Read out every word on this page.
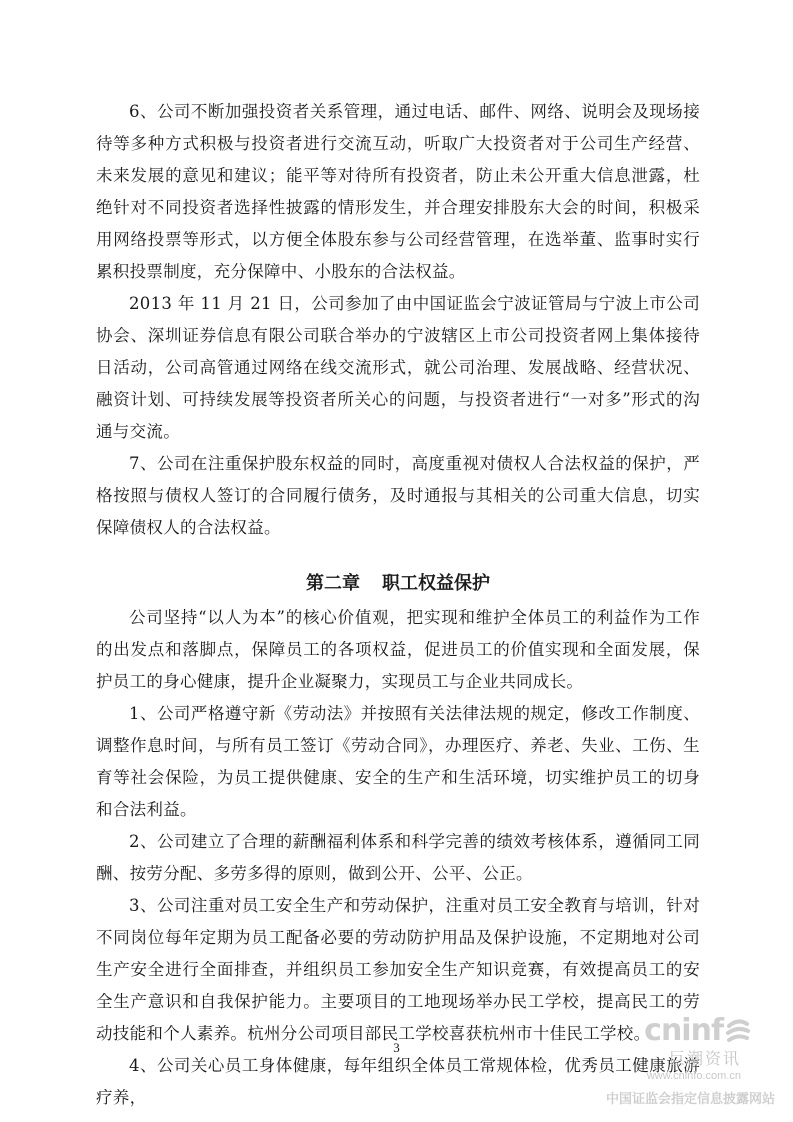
6、公司不断加强投资者关系管理，通过电话、邮件、网络、说明会及现场接待等多种方式积极与投资者进行交流互动，听取广大投资者对于公司生产经营、未来发展的意见和建议；能平等对待所有投资者，防止未公开重大信息泄露，杜绝针对不同投资者选择性披露的情形发生，并合理安排股东大会的时间，积极采用网络投票等形式，以方便全体股东参与公司经营管理，在选举董、监事时实行累积投票制度，充分保障中、小股东的合法权益。

2013 年 11 月 21 日，公司参加了由中国证监会宁波证管局与宁波上市公司协会、深圳证券信息有限公司联合举办的宁波辖区上市公司投资者网上集体接待日活动，公司高管通过网络在线交流形式，就公司治理、发展战略、经营状况、融资计划、可持续发展等投资者所关心的问题，与投资者进行“一对多”形式的沟通与交流。

7、公司在注重保护股东权益的同时，高度重视对债权人合法权益的保护，严格按照与债权人签订的合同履行债务，及时通报与其相关的公司重大信息，切实保障债权人的合法权益。

第二章 职工权益保护

公司坚持“以人为本”的核心价值观，把实现和维护全体员工的利益作为工作的出发点和落脚点，保障员工的各项权益，促进员工的价值实现和全面发展，保护员工的身心健康，提升企业凝聚力，实现员工与企业共同成长。

1、公司严格遵守新《劳动法》并按照有关法律法规的规定，修改工作制度、调整作息时间，与所有员工签订《劳动合同》，办理医疗、养老、失业、工伤、生育等社会保险，为员工提供健康、安全的生产和生活环境，切实维护员工的切身和合法利益。

2、公司建立了合理的薪酬福利体系和科学完善的绩效考核体系，遵循同工同酬、按劳分配、多劳多得的原则，做到公开、公平、公正。

3、公司注重对员工安全生产和劳动保护，注重对员工安全教育与培训，针对不同岗位每年定期为员工配备必要的劳动防护用品及保护设施，不定期地对公司生产安全进行全面排查，并组织员工参加安全生产知识竞赛，有效提高员工的安全生产意识和自我保护能力。主要项目的工地现场举办民工学校，提高民工的劳动技能和个人素养。杭州分公司项目部民工学校喜获杭州市十佳民工学校。

4、公司关心员工身体健康，每年组织全体员工常规体检，优秀员工健康旅游疗养，

3	cninf
巨潮资讯
www.cninfo.com.cn
中国证监会指定信息披露网站
